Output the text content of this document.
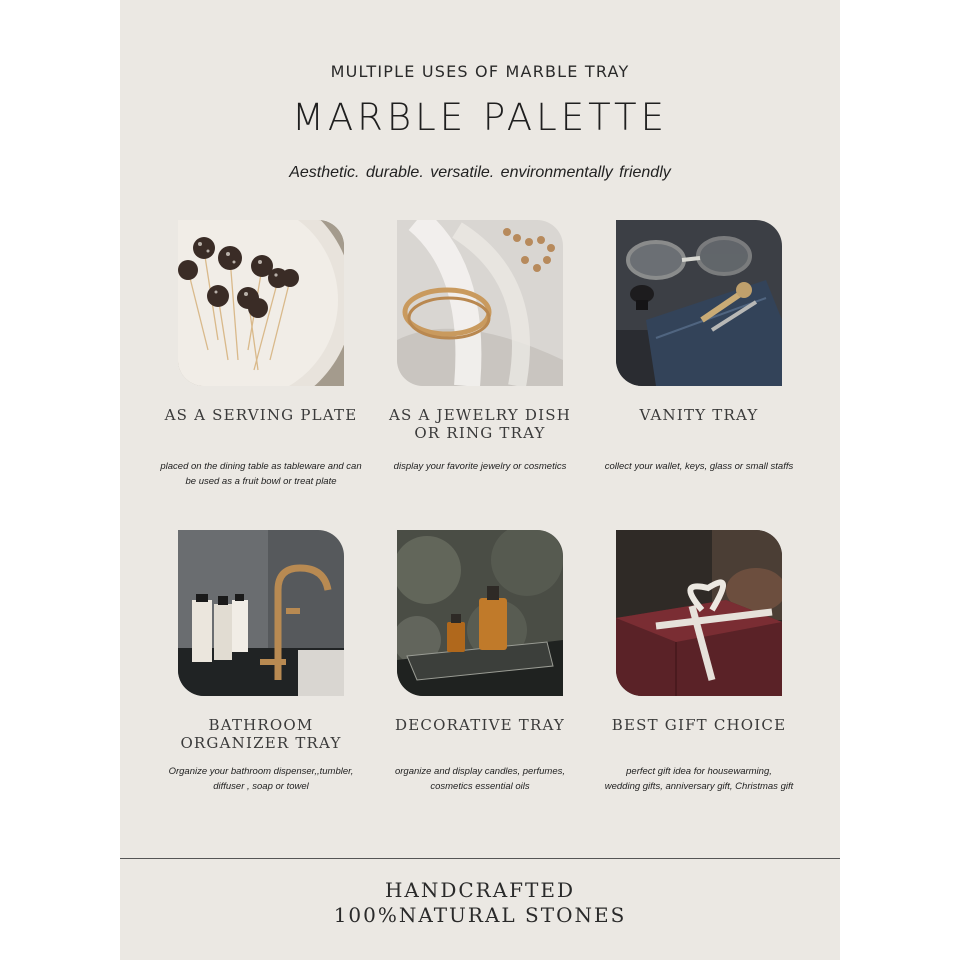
MULTIPLE USES OF MARBLE TRAY
MARBLE PALETTE
Aesthetic. durable. versatile. environmentally friendly
AS A SERVING PLATE
placed on the dining table as tableware and can
be used as a fruit bowl or treat plate
AS A JEWELRY DISH
OR RING TRAY
display your favorite jewelry or cosmetics
VANITY TRAY
collect your wallet, keys, glass or small staffs
BATHROOM
ORGANIZER TRAY
Organize your bathroom dispenser,,tumbler,
diffuser , soap or towel
DECORATIVE TRAY
organize and display candles, perfumes,
cosmetics essential oils
BEST GIFT CHOICE
perfect gift idea for housewarming,
wedding gifts, anniversary gift, Christmas gift
HANDCRAFTED
100%NATURAL STONES
